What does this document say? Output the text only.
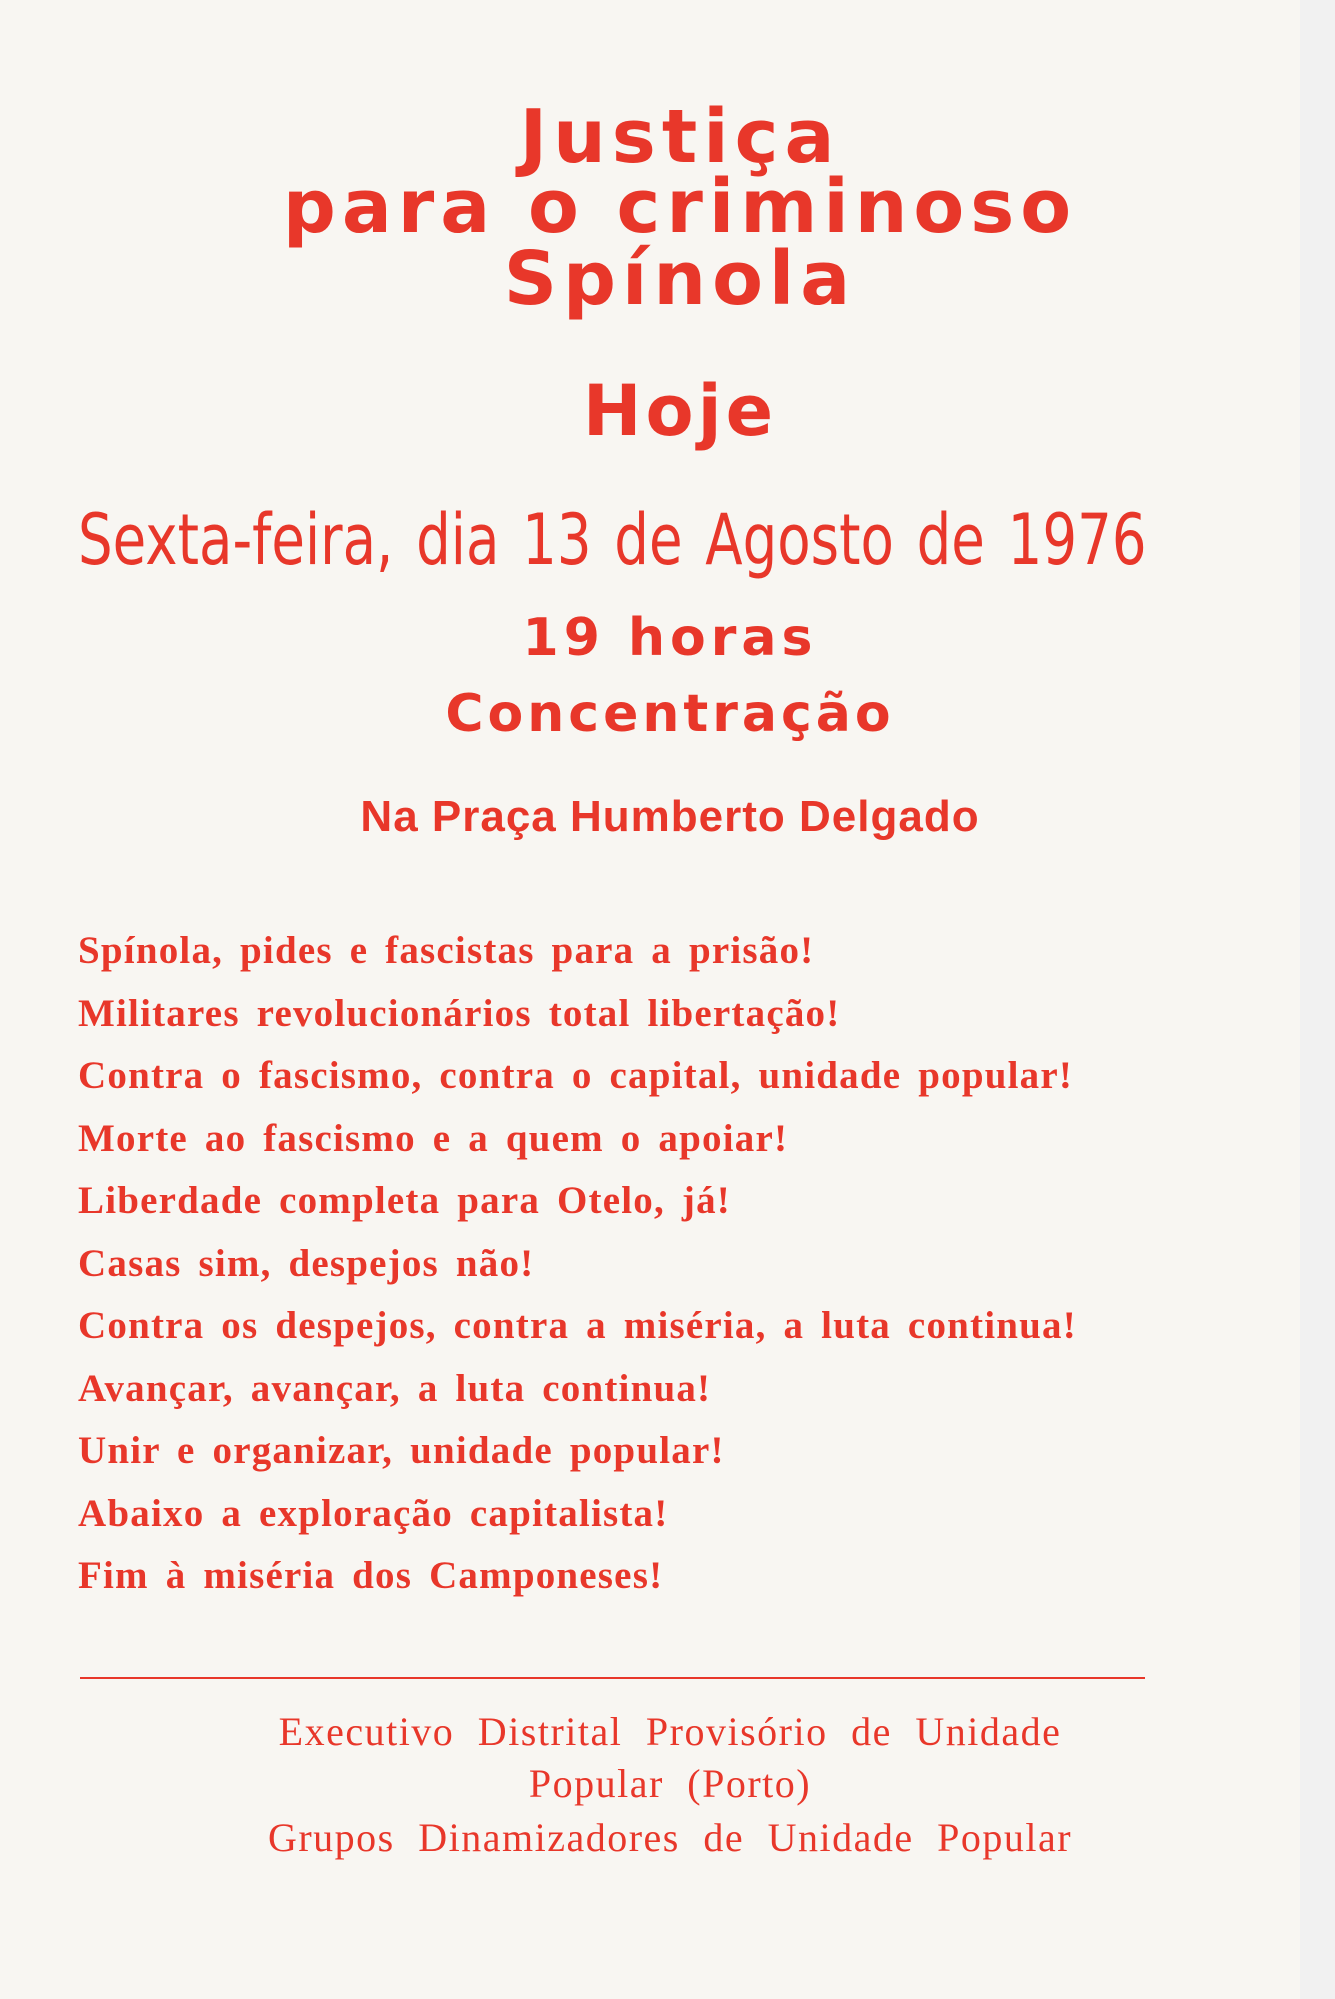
Justiça
para o criminoso
Spínola
Hoje
Sexta-feira, dia 13 de Agosto de 1976
19 horas
Concentração
Na Praça Humberto Delgado
Spínola, pides e fascistas para a prisão!
Militares revolucionários total libertação!
Contra o fascismo, contra o capital, unidade popular!
Morte ao fascismo e a quem o apoiar!
Liberdade completa para Otelo, já!
Casas sim, despejos não!
Contra os despejos, contra a miséria, a luta continua!
Avançar, avançar, a luta continua!
Unir e organizar, unidade popular!
Abaixo a exploração capitalista!
Fim à miséria dos Camponeses!

Executivo Distrital Provisório de Unidade

Popular (Porto)

Grupos Dinamizadores de Unidade Popular
